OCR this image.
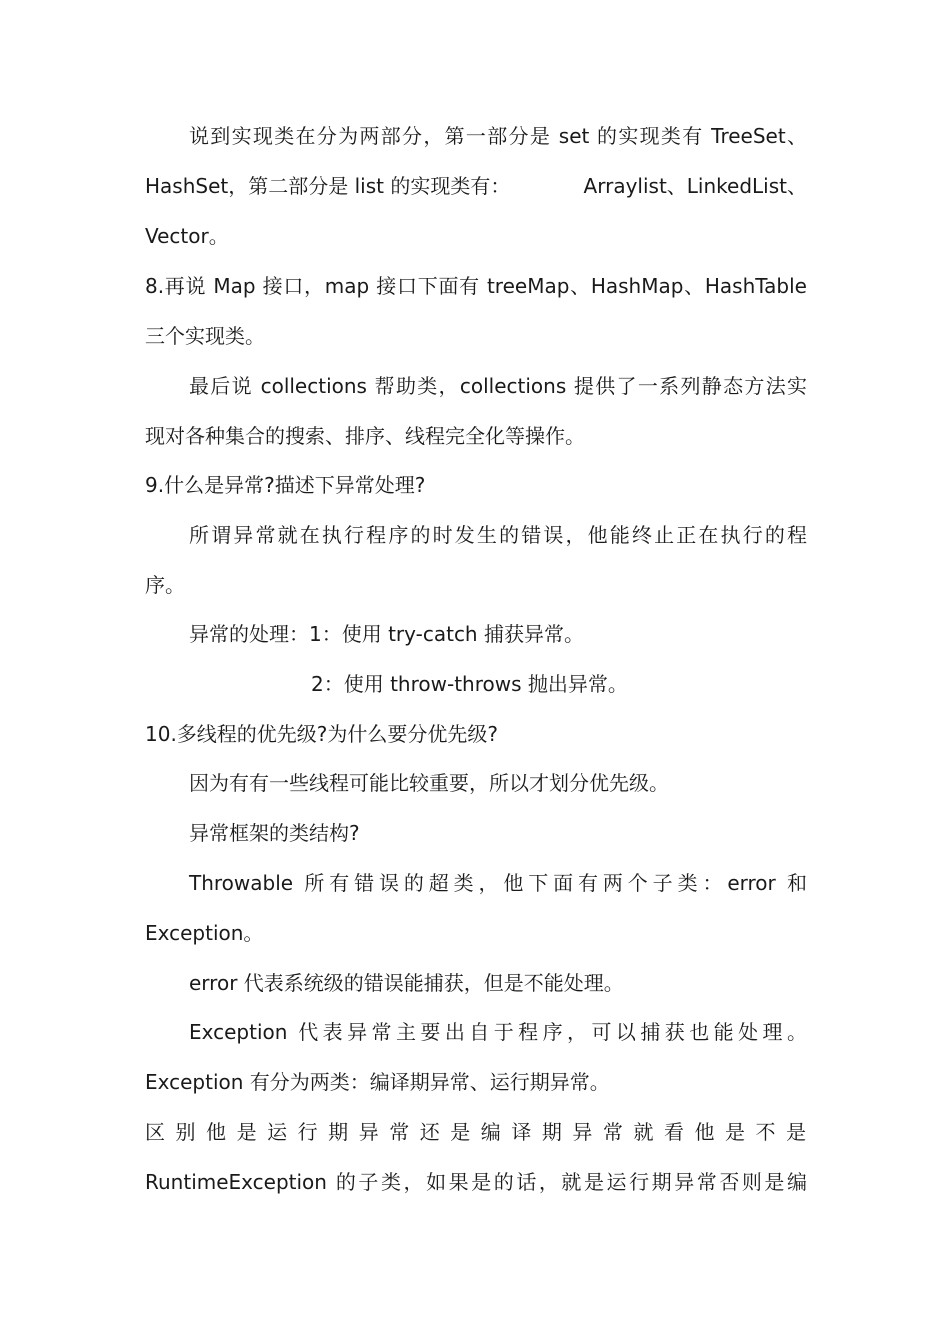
说到实现类在分为两部分，第一部分是 set 的实现类有 TreeSet、
HashSet，第二部分是 list 的实现类有：	Arraylist、LinkedList、
Vector。
8.再说 Map 接口，map 接口下面有 treeMap、HashMap、HashTable
三个实现类。
最后说 collections 帮助类，collections 提供了一系列静态方法实
现对各种集合的搜索、排序、线程完全化等操作。
9.什么是异常?描述下异常处理?
所谓异常就在执行程序的时发生的错误，他能终止正在执行的程
序。
异常的处理：1：使用 try-catch 捕获异常。
2：使用 throw-throws 抛出异常。
10.多线程的优先级?为什么要分优先级?
因为有有一些线程可能比较重要，所以才划分优先级。
异常框架的类结构?
Throwable 所有错误的超类，他下面有两个子类：error 和
Exception。
error 代表系统级的错误能捕获，但是不能处理。
Exception 代表异常主要出自于程序，可以捕获也能处理。
Exception 有分为两类：编译期异常、运行期异常。
区别他是运行期异常还是编译期异常就看他是不是
RuntimeException 的子类，如果是的话，就是运行期异常否则是编
